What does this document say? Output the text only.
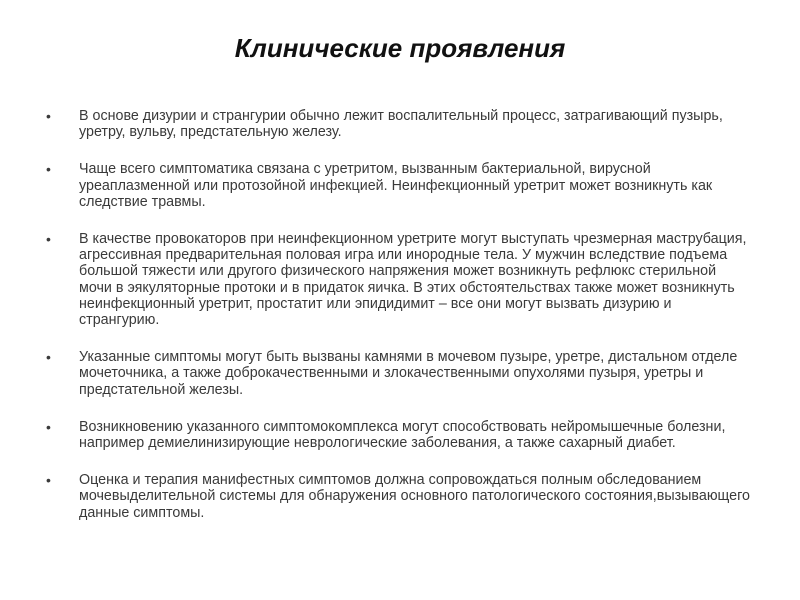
Клинические проявления
•	В основе дизурии и странгурии обычно лежит воспалительный процесс, затрагивающий пузырь, уретру, вульву, предстательную железу.
•	Чаще всего симптоматика связана с уретритом, вызванным бактериальной, вирусной уреаплазменной или протозойной инфекцией. Неинфекционный уретрит может возникнуть как следствие травмы.
•	В качестве провокаторов при неинфекционном уретрите могут выступать чрезмерная маструбация, агрессивная предварительная половая игра или инородные тела. У мужчин вследствие подъема большой тяжести или другого физического напряжения может возникнуть рефлюкс стерильной мочи в эякуляторные протоки и в придаток яичка. В этих обстоятельствах также может возникнуть неинфекционный уретрит, простатит или эпидидимит – все они могут вызвать дизурию и странгурию.
•	Указанные симптомы могут быть вызваны камнями в мочевом пузыре, уретре, дистальном отделе мочеточника, а также доброкачественными и злокачественными опухолями пузыря, уретры и предстательной железы.
•	Возникновению указанного симптомокомплекса могут способствовать нейромышечные болезни, например демиелинизирующие неврологические заболевания, а также сахарный диабет.
•	Оценка и терапия манифестных симптомов должна сопровождаться полным обследованием мочевыделительной системы для обнаружения основного патологического состояния,вызывающего данные симптомы.
